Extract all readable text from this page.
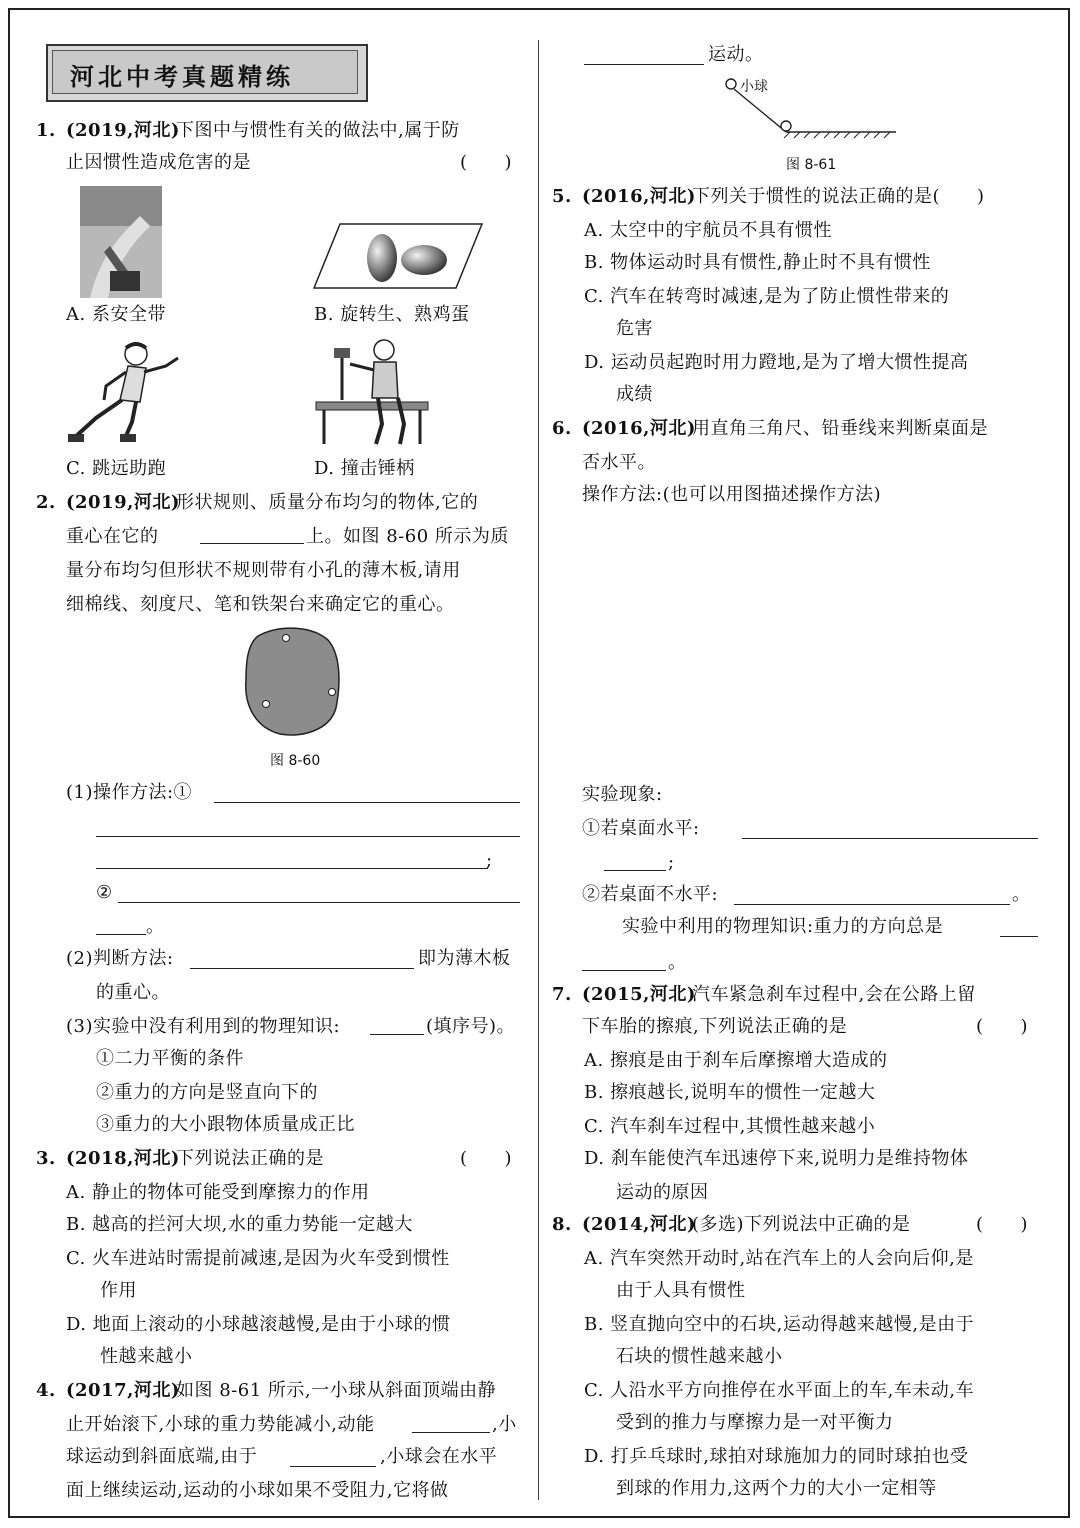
河北中考真题精练
1. (2019,河北)
下图中与惯性有关的做法中,属于防
止因惯性造成危害的是	(　　)
A. 系安全带	B. 旋转生、熟鸡蛋
C. 跳远助跑	D. 撞击锤柄
2. (2019,河北)
形状规则、质量分布均匀的物体,它的
重心在它的	上。如图 8-60 所示为质
量分布均匀但形状不规则带有小孔的薄木板,请用
细棉线、刻度尺、笔和铁架台来确定它的重心。
图 8-60
(1)操作方法:①
;
②
。
(2)判断方法:	即为薄木板
的重心。
(3)实验中没有利用到的物理知识:	(填序号)。
①二力平衡的条件
②重力的方向是竖直向下的
③重力的大小跟物体质量成正比
3. (2018,河北)
下列说法正确的是	(　　)
A. 静止的物体可能受到摩擦力的作用
B. 越高的拦河大坝,水的重力势能一定越大
C. 火车进站时需提前减速,是因为火车受到惯性
作用
D. 地面上滚动的小球越滚越慢,是由于小球的惯
性越来越小
4. (2017,河北)
如图 8-61 所示,一小球从斜面顶端由静
止开始滚下,小球的重力势能减小,动能	,小
球运动到斜面底端,由于	,小球会在水平
面上继续运动,运动的小球如果不受阻力,它将做
运动。
小球
图 8-61
5. (2016,河北)
下列关于惯性的说法正确的是(　　)
A. 太空中的宇航员不具有惯性
B. 物体运动时具有惯性,静止时不具有惯性
C. 汽车在转弯时减速,是为了防止惯性带来的
危害
D. 运动员起跑时用力蹬地,是为了增大惯性提高
成绩
6. (2016,河北)
用直角三角尺、铅垂线来判断桌面是
否水平。
操作方法:(也可以用图描述操作方法)
实验现象:
①若桌面水平:
;
②若桌面不水平:	。
实验中利用的物理知识:重力的方向总是
。
7. (2015,河北)
汽车紧急刹车过程中,会在公路上留
下车胎的擦痕,下列说法正确的是	(　　)
A. 擦痕是由于刹车后摩擦增大造成的
B. 擦痕越长,说明车的惯性一定越大
C. 汽车刹车过程中,其惯性越来越小
D. 刹车能使汽车迅速停下来,说明力是维持物体
运动的原因
8. (2014,河北)
(多选)下列说法中正确的是	(　　)
A. 汽车突然开动时,站在汽车上的人会向后仰,是
由于人具有惯性
B. 竖直抛向空中的石块,运动得越来越慢,是由于
石块的惯性越来越小
C. 人沿水平方向推停在水平面上的车,车未动,车
受到的推力与摩擦力是一对平衡力
D. 打乒乓球时,球拍对球施加力的同时球拍也受
到球的作用力,这两个力的大小一定相等
